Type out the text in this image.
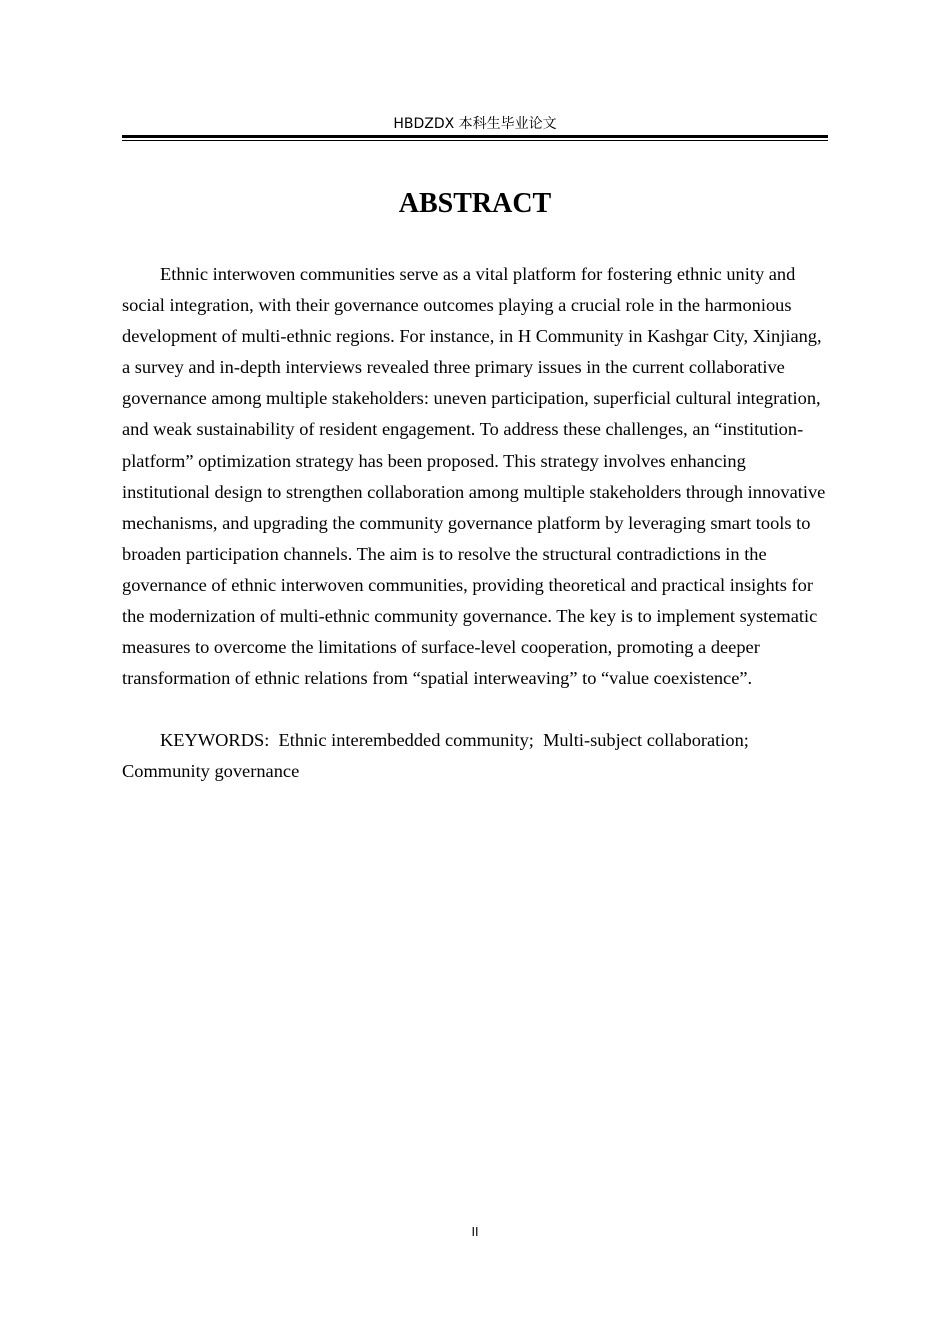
HBDZDX 本科生毕业论文
ABSTRACT

Ethnic interwoven communities serve as a vital platform for fostering ethnic unity and social integration, with their governance outcomes playing a crucial role in the harmonious development of multi-ethnic regions. For instance, in H Community in Kashgar City, Xinjiang, a survey and in-depth interviews revealed three primary issues in the current collaborative governance among multiple stakeholders: uneven participation, superficial cultural integration, and weak sustainability of resident engagement. To address these challenges, an “institution-platform” optimization strategy has been proposed. This strategy involves enhancing institutional design to strengthen collaboration among multiple stakeholders through innovative mechanisms, and upgrading the community governance platform by leveraging smart tools to broaden participation channels. The aim is to resolve the structural contradictions in the governance of ethnic interwoven communities, providing theoretical and practical insights for the modernization of multi-ethnic community governance. The key is to implement systematic measures to overcome the limitations of surface-level cooperation, promoting a deeper transformation of ethnic relations from “spatial interweaving” to “value coexistence”.

KEYWORDS:  Ethnic interembedded community;  Multi-subject collaboration; Community governance

II
